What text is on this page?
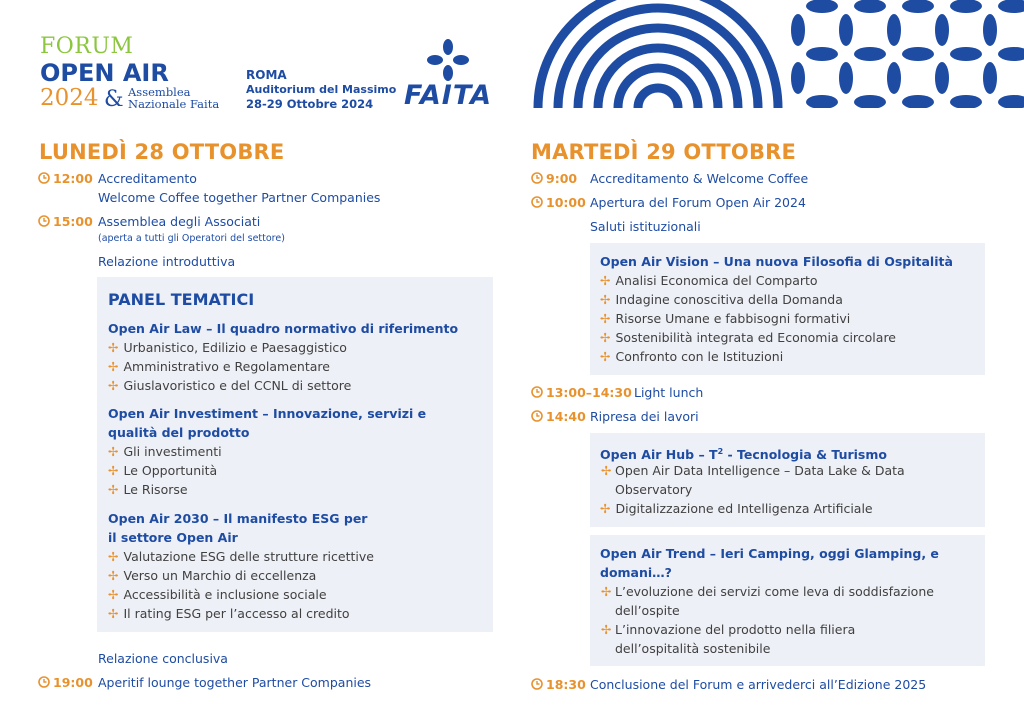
FORUM
OPEN AIR
2024 & Assemblea
Nazionale Faita
ROMA
Auditorium del Massimo
28-29 Ottobre 2024 FAITA
LUNEDÌ 28 OTTOBRE
12:00 Accreditamento
Welcome Coffee together Partner Companies
15:00 Assemblea degli Associati
(aperta a tutti gli Operatori del settore)
Relazione introduttiva
PANEL TEMATICI
Open Air Law – Il quadro normativo di riferimento
✢ Urbanistico, Edilizio e Paesaggistico
✢ Amministrativo e Regolamentare
✢ Giuslavoristico e del CCNL di settore
Open Air Investiment – Innovazione, servizi e
qualità del prodotto
✢ Gli investimenti
✢ Le Opportunità
✢ Le Risorse
Open Air 2030 – Il manifesto ESG per
il settore Open Air
✢ Valutazione ESG delle strutture ricettive
✢ Verso un Marchio di eccellenza
✢ Accessibilità e inclusione sociale
✢ Il rating ESG per l’accesso al credito
Relazione conclusiva
19:00 Aperitif lounge together Partner Companies
MARTEDÌ 29 OTTOBRE
9:00 Accreditamento & Welcome Coffee
10:00 Apertura del Forum Open Air 2024
Saluti istituzionali
Open Air Vision – Una nuova Filosofia di Ospitalità
✢ Analisi Economica del Comparto
✢ Indagine conoscitiva della Domanda
✢ Risorse Umane e fabbisogni formativi
✢ Sostenibilità integrata ed Economia circolare
✢ Confronto con le Istituzioni
13:00–14:30 Light lunch
14:40 Ripresa dei lavori
Open Air Hub – $T^2$ - Tecnologia & Turismo
✢ Open Air Data Intelligence – Data Lake & Data Observatory
✢ Digitalizzazione ed Intelligenza Artificiale
Open Air Trend – Ieri Camping, oggi Glamping, e
domani…?
✢ L’evoluzione dei servizi come leva di soddisfazione dell’ospite
✢ L’innovazione del prodotto nella filiera dell’ospitalità sostenibile
18:30 Conclusione del Forum e arrivederci all’Edizione 2025
